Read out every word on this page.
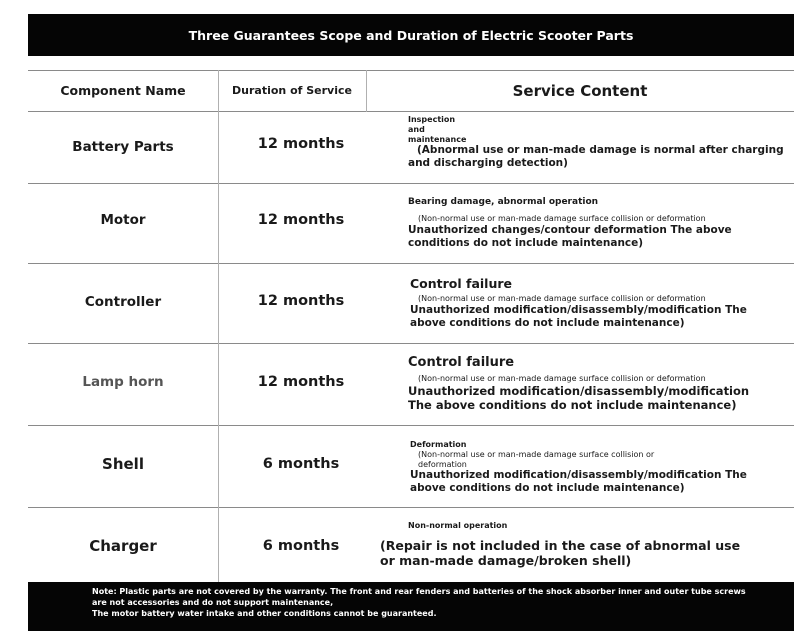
Three Guarantees Scope and Duration of Electric Scooter Parts
Component Name	Duration of Service	Service Content
Battery Parts	12 months
Inspection
and
maintenance
(Abnormal use or man-made damage is normal after charging
and discharging detection)
Motor	12 months
Bearing damage, abnormal operation
(Non-normal use or man-made damage surface collision or deformation
Unauthorized changes/contour deformation The above
conditions do not include maintenance)
Controller	12 months
Control failure
(Non-normal use or man-made damage surface collision or deformation
Unauthorized modification/disassembly/modification The
above conditions do not include maintenance)
Lamp horn	12 months
Control failure
(Non-normal use or man-made damage surface collision or deformation
Unauthorized modification/disassembly/modification
The above conditions do not include maintenance)
Shell	6 months
Deformation
(Non-normal use or man-made damage surface collision or
deformation
Unauthorized modification/disassembly/modification The
above conditions do not include maintenance)
Charger	6 months
Non-normal operation
(Repair is not included in the case of abnormal use
or man-made damage/broken shell)
Note: Plastic parts are not covered by the warranty. The front and rear fenders and batteries of the shock absorber inner and outer tube screws
are not accessories and do not support maintenance,
The motor battery water intake and other conditions cannot be guaranteed.
